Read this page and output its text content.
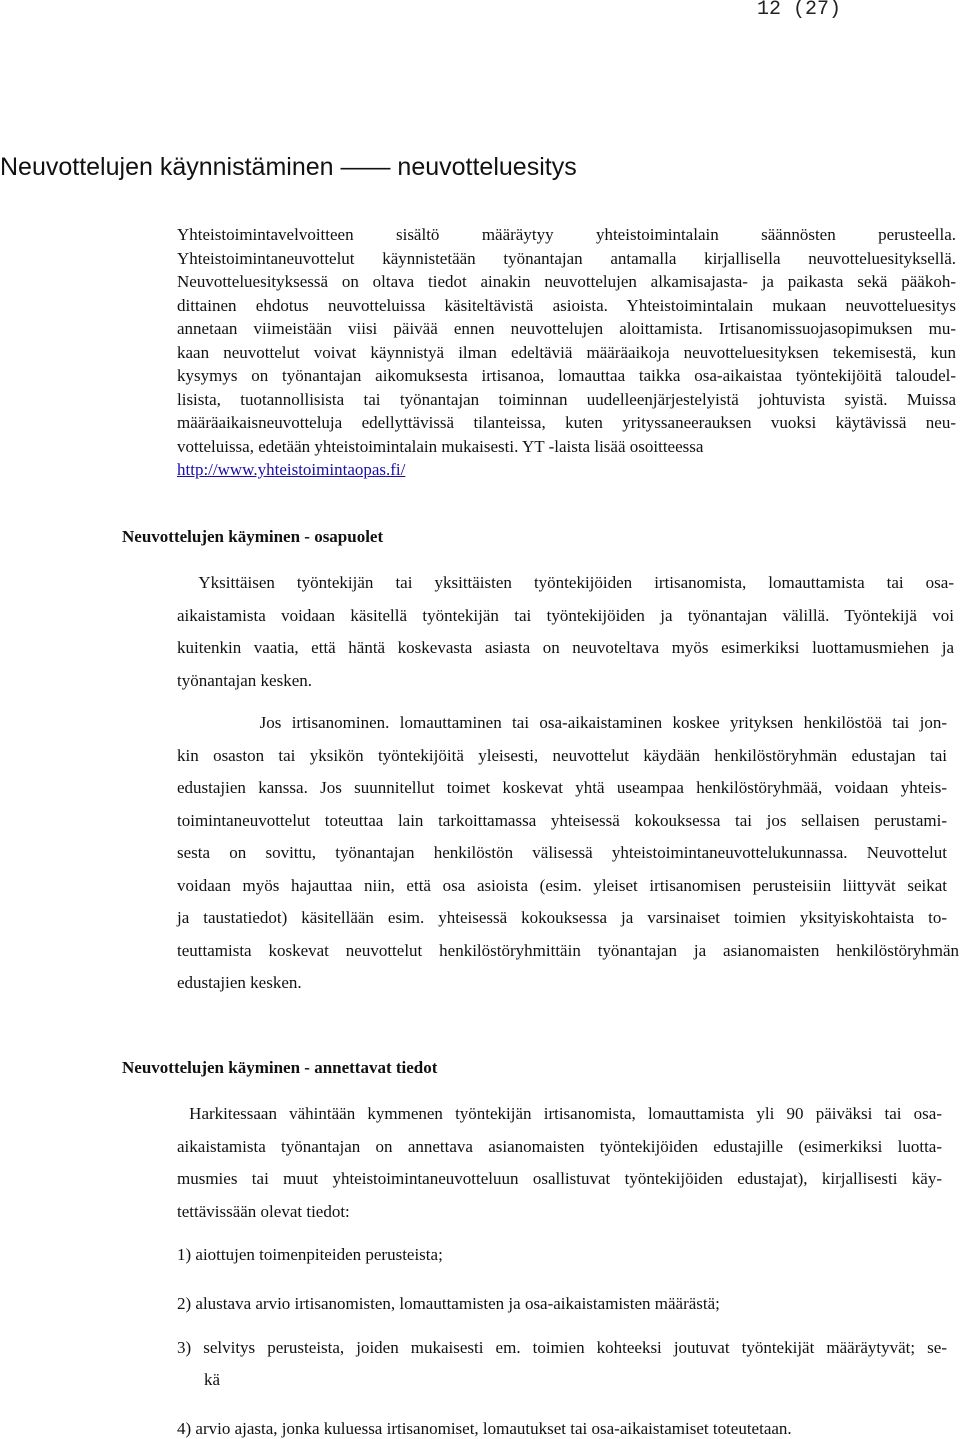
12 (27)
Neuvottelujen käynnistäminen —— neuvotteluesitys
Yhteistoimintavelvoitteen sisältö määräytyy yhteistoimintalain säännösten perusteella.
Yhteistoimintaneuvottelut käynnistetään työnantajan antamalla kirjallisella neuvotteluesityksellä.
Neuvotteluesityksessä on oltava tiedot ainakin neuvottelujen alkamisajasta- ja paikasta sekä pääkoh-
dittainen ehdotus neuvotteluissa käsiteltävistä asioista. Yhteistoimintalain mukaan neuvotteluesitys
annetaan viimeistään viisi päivää ennen neuvottelujen aloittamista. Irtisanomissuojasopimuksen mu-
kaan neuvottelut voivat käynnistyä ilman edeltäviä määräaikoja neuvotteluesityksen tekemisestä, kun
kysymys on työnantajan aikomuksesta irtisanoa, lomauttaa taikka osa-aikaistaa työntekijöitä taloudel-
lisista, tuotannollisista tai työnantajan toiminnan uudelleenjärjestelyistä johtuvista syistä. Muissa
määräaikaisneuvotteluja edellyttävissä tilanteissa, kuten yrityssaneerauksen vuoksi käytävissä neu-
votteluissa, edetään yhteistoimintalain mukaisesti. YT -laista lisää osoitteessa
http://www.yhteistoimintaopas.fi/
Neuvottelujen käyminen - osapuolet
Yksittäisen työntekijän tai yksittäisten työntekijöiden irtisanomista, lomauttamista tai osa-
aikaistamista voidaan käsitellä työntekijän tai työntekijöiden ja työnantajan välillä. Työntekijä voi
kuitenkin vaatia, että häntä koskevasta asiasta on neuvoteltava myös esimerkiksi luottamusmiehen ja
työnantajan kesken.
Jos irtisanominen. lomauttaminen tai osa-aikaistaminen koskee yrityksen henkilöstöä tai jon-
kin osaston tai yksikön työntekijöitä yleisesti, neuvottelut käydään henkilöstöryhmän edustajan tai
edustajien kanssa. Jos suunnitellut toimet koskevat yhtä useampaa henkilöstöryhmää, voidaan yhteis-
toimintaneuvottelut toteuttaa lain tarkoittamassa yhteisessä kokouksessa tai jos sellaisen perustami-
sesta on sovittu, työnantajan henkilöstön välisessä yhteistoimintaneuvottelukunnassa. Neuvottelut
voidaan myös hajauttaa niin, että osa asioista (esim. yleiset irtisanomisen perusteisiin liittyvät seikat
ja taustatiedot) käsitellään esim. yhteisessä kokouksessa ja varsinaiset toimien yksityiskohtaista to-
teuttamista koskevat neuvottelut henkilöstöryhmittäin työnantajan ja asianomaisten henkilöstöryhmän
edustajien kesken.
Neuvottelujen käyminen - annettavat tiedot
Harkitessaan vähintään kymmenen työntekijän irtisanomista, lomauttamista yli 90 päiväksi tai osa-
aikaistamista työnantajan on annettava asianomaisten työntekijöiden edustajille (esimerkiksi luotta-
musmies tai muut yhteistoimintaneuvotteluun osallistuvat työntekijöiden edustajat), kirjallisesti käy-
tettävissään olevat tiedot:
1) aiottujen toimenpiteiden perusteista;
2) alustava arvio irtisanomisten, lomauttamisten ja osa-aikaistamisten määrästä;
3) selvitys perusteista, joiden mukaisesti em. toimien kohteeksi joutuvat työntekijät määräytyvät; se-
kä
4) arvio ajasta, jonka kuluessa irtisanomiset, lomautukset tai osa-aikaistamiset toteutetaan.
